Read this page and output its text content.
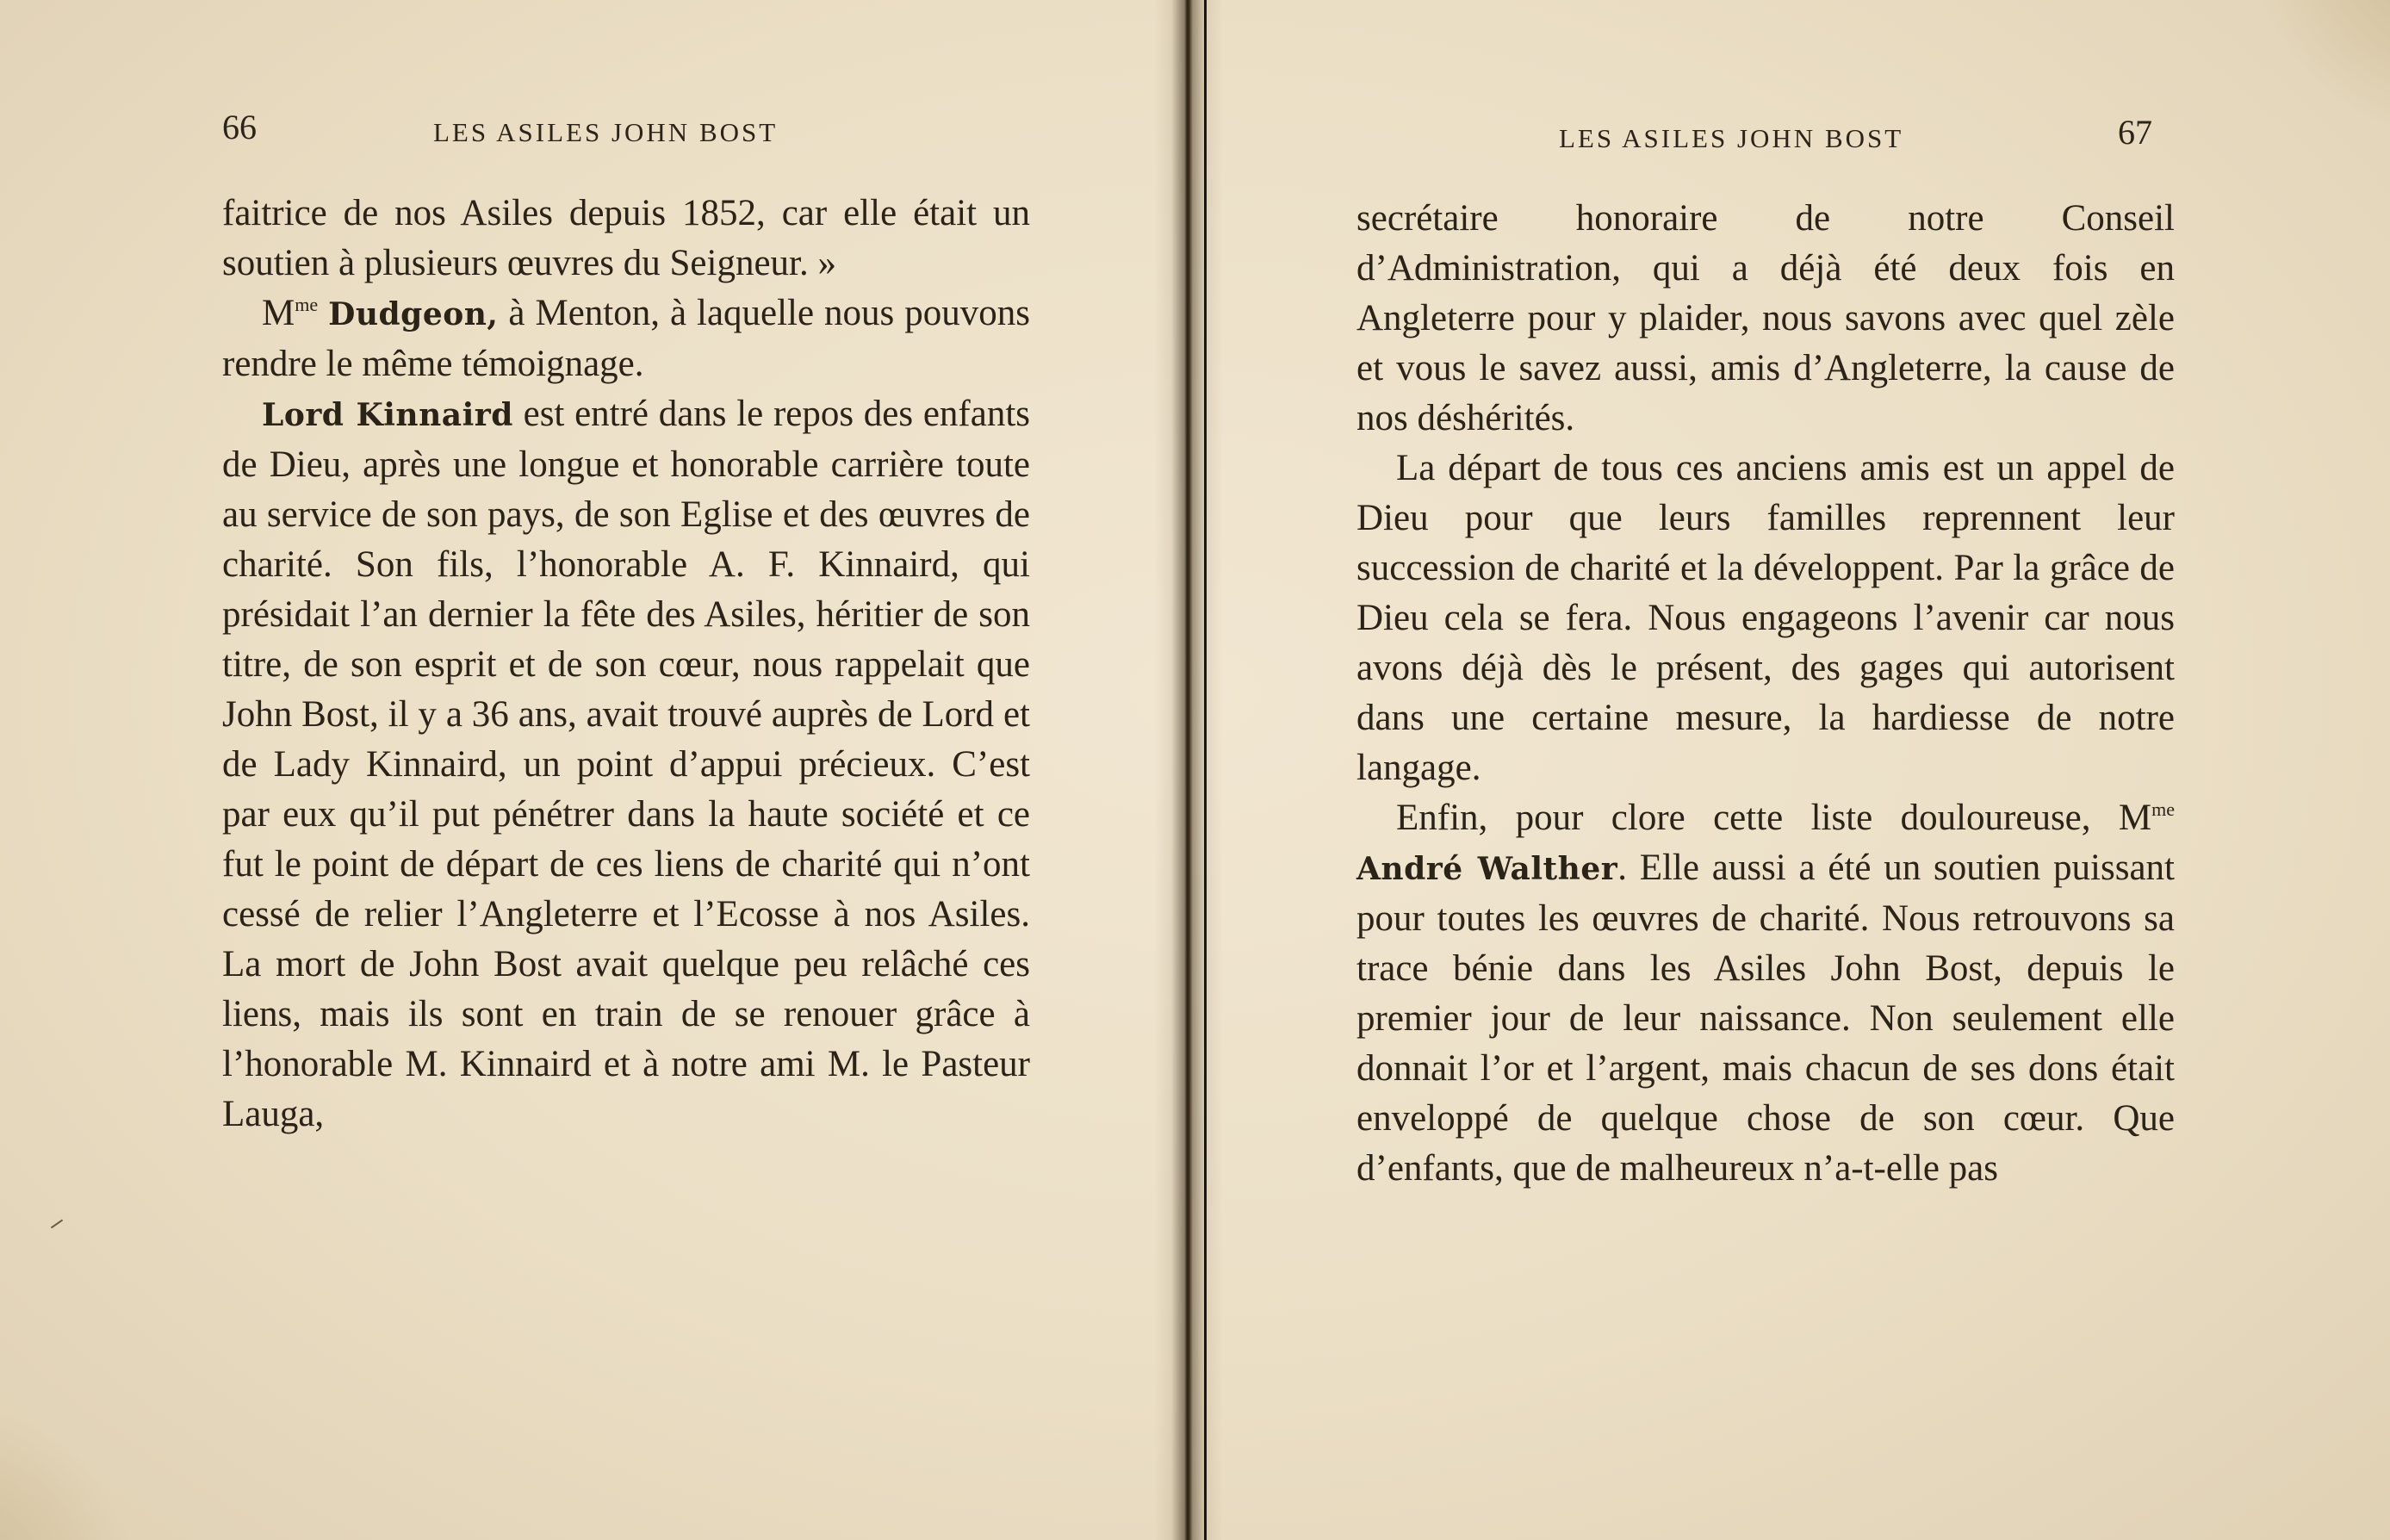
66	LES ASILES JOHN BOST

faitrice de nos Asiles depuis 1852, car elle était un soutien à plusieurs œuvres du Seigneur. »

$M^{me}$ Dudgeon, à Menton, à laquelle nous pouvons rendre le même témoignage.

Lord Kinnaird est entré dans le repos des enfants de Dieu, après une longue et honorable carrière toute au service de son pays, de son Eglise et des œuvres de charité. Son fils, l’honorable A. F. Kinnaird, qui présidait l’an dernier la fête des Asiles, héritier de son titre, de son esprit et de son cœur, nous rappelait que John Bost, il y a 36 ans, avait trouvé auprès de Lord et de Lady Kinnaird, un point d’appui précieux. C’est par eux qu’il put pénétrer dans la haute société et ce fut le point de départ de ces liens de charité qui n’ont cessé de relier l’Angleterre et l’Ecosse à nos Asiles. La mort de John Bost avait quelque peu relâché ces liens, mais ils sont en train de se renouer grâce à l’honorable M. Kinnaird et à notre ami M. le Pasteur Lauga,

LES ASILES JOHN BOST	67

secrétaire honoraire de notre Conseil d’Administration, qui a déjà été deux fois en Angleterre pour y plaider, nous savons avec quel zèle et vous le savez aussi, amis d’Angleterre, la cause de nos déshérités.

La départ de tous ces anciens amis est un appel de Dieu pour que leurs familles reprennent leur succession de charité et la développent. Par la grâce de Dieu cela se fera. Nous engageons l’avenir car nous avons déjà dès le présent, des gages qui autorisent dans une certaine mesure, la hardiesse de notre langage.

Enfin, pour clore cette liste douloureuse, $M^{me}$ André Walther. Elle aussi a été un soutien puissant pour toutes les œuvres de charité. Nous retrouvons sa trace bénie dans les Asiles John Bost, depuis le premier jour de leur naissance. Non seulement elle donnait l’or et l’argent, mais chacun de ses dons était enveloppé de quelque chose de son cœur. Que d’enfants, que de malheureux n’a-t-elle pas
